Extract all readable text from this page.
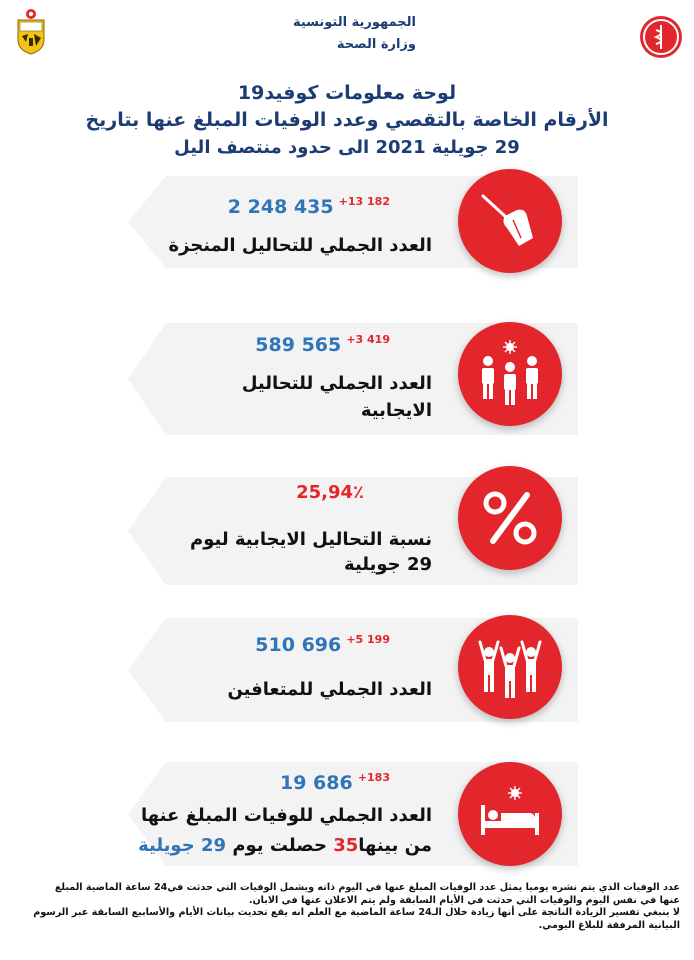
الجمهورية التونسية
وزارة الصحة
لوحة معلومات كوفيد19
الأرقام الخاصة بالتقصي وعدد الوفيات المبلغ عنها بتاريخ
29 جويلية 2021 الى حدود منتصف اليل
2 248 435 $^{+13 182}$
العدد الجملي للتحاليل المنجزة
589 565 $^{+3 419}$
العدد الجملي للتحاليل
الايجابية
25,94٪
نسبة التحاليل الايجابية ليوم
29 جويلية
510 696 $^{+5 199}$
العدد الجملي للمتعافين
19 686 $^{+183}$
العدد الجملي للوفيات المبلغ عنها
من بينها35 حصلت يوم 29 جويلية
عدد الوفيات الذي يتم نشره يوميا يمثل عدد الوفيات المبلغ عنها في اليوم ذاته ويشمل الوفيات التي حدثت في24 ساعة الماضية المبلغ
عنها في نفس اليوم والوفيات التي حدثت في الأيام السابقة ولم يتم الاعلان عنها في الابان.
لا ينبغي تفسير الزيادة الناتجة على أنها زيادة خلال الـ24 ساعة الماضية مع العلم انه يقع تحديث بيانات الأيام والأسابيع السابقة عبر الرسوم
البيانية المرفقة للبلاغ اليومي.
